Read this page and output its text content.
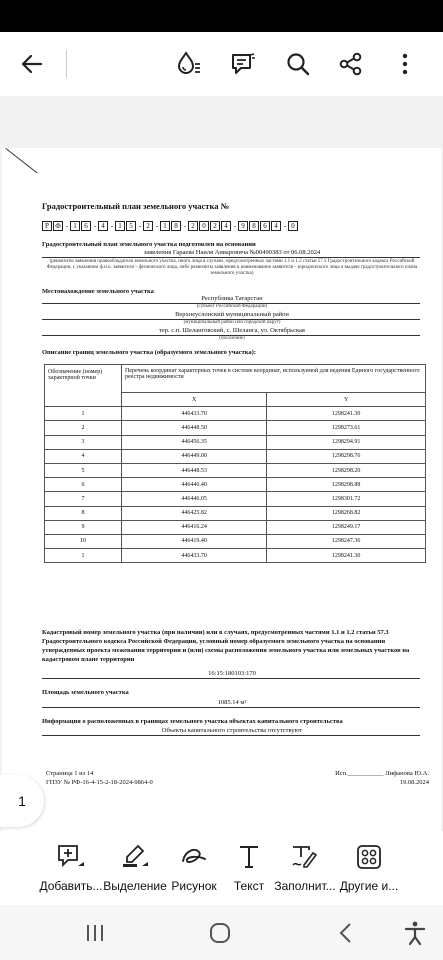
Градостроительный план земельного участка №
Р Ф - 1	6 - 4 - 1	5 - 2 - 1	8 - 2	0	2	4 - 9	8	6	4 - 0
Градостроительный план земельного участка подготовлен на основании
заявления Гараева Наиля Анваровича №00490383 от 06.08.2024
(реквизиты заявления правообладателя земельного участка, иного лица в случаях, предусмотренных частями 1.1 и 1.2 статьи 57.3 Градостроительного кодекса Российской Федерации, с указанием ф.и.о. заявителя – физического лица, либо реквизиты заявления и наименование заявителя – юридического лица о выдаче градостроительного плана земельного участка)
Местонахождение земельного участка
Республика Татарстан
(субъект Российской Федерации)
Верхнеуслонский муниципальный район
(муниципальный район или городской округ)
тер. с.п. Шеланговский, с. Шеланга, ул. Октябрьская
(поселение)
Описание границ земельного участка (образуемого земельного участка):
Обозначение (номер) характерной точки	Перечень координат характерных точек в системе координат, используемой для ведения Единого государственного реестра недвижимости	
	X	Y
1	446433.70	1298241.30
2	446448.50	1298273.61
3	446456.35	1298294.91
4	446449.00	1298298.76
5	446448.53	1298298.20
6	446446.40	1298298.88
7	446446.05	1298301.72
8	446425.82	1298268.82
9	446416.24	1298249.17
10	446419.40	1298247.36
1	446433.70	1298241.30
Кадастровый номер земельного участка (при наличии) или в случаях, предусмотренных частями 1.1 и 1.2 статьи 57.3 Градостроительного кодекса Российской Федерации, условный номер образуемого земельного участка на основании утвержденных проекта межевания территории и (или) схемы расположения земельного участка или земельных участков на кадастровом плане территории
16:15:180103:170
Площадь земельного участка
1085.14 м²
Информация о расположенных в границах земельного участка объектах капитального строительства
Объекты капитального строительства отсутствуют
Страница 1 из 14
ГПЗУ № РФ-16-4-15-2-18-2024-9864-0
Исп.___________ Лифанова Ю.А.
19.08.2024
1
Добавить... Выделение Рисунок Текст Заполнит... Другие и...
